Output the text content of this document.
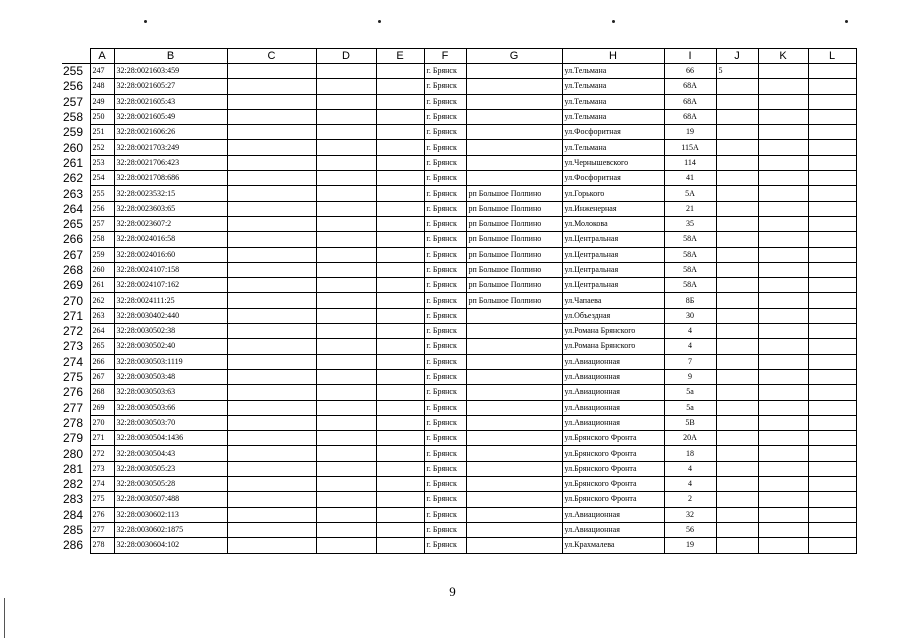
	A	B	C	D	E	F	G	H	I	J	K	L
255	247	32:28:0021603:459				г. Брянск		ул.Тельмана	66	5		
256	248	32:28:0021605:27				г. Брянск		ул.Тельмана	68А			
257	249	32:28:0021605:43				г. Брянск		ул.Тельмана	68А			
258	250	32:28:0021605:49				г. Брянск		ул.Тельмана	68А			
259	251	32:28:0021606:26				г. Брянск		ул.Фосфоритная	19			
260	252	32:28:0021703:249				г. Брянск		ул.Тельмана	115А			
261	253	32:28:0021706:423				г. Брянск		ул.Чернышевского	114			
262	254	32:28:0021708:686				г. Брянск		ул.Фосфоритная	41			
263	255	32:28:0023532:15				г. Брянск	рп Большое Полпино	ул.Горького	5А			
264	256	32:28:0023603:65				г. Брянск	рп Большое Полпино	ул.Инженерная	21			
265	257	32:28:0023607:2				г. Брянск	рп Большое Полпино	ул.Молокова	35			
266	258	32:28:0024016:58				г. Брянск	рп Большое Полпино	ул.Центральная	58А			
267	259	32:28:0024016:60				г. Брянск	рп Большое Полпино	ул.Центральная	58А			
268	260	32:28:0024107:158				г. Брянск	рп Большое Полпино	ул.Центральная	58А			
269	261	32:28:0024107:162				г. Брянск	рп Большое Полпино	ул.Центральная	58А			
270	262	32:28:0024111:25				г. Брянск	рп Большое Полпино	ул.Чапаева	8Б			
271	263	32:28:0030402:440				г. Брянск		ул.Объездная	30			
272	264	32:28:0030502:38				г. Брянск		ул.Романа Брянского	4			
273	265	32:28:0030502:40				г. Брянск		ул.Романа Брянского	4			
274	266	32:28:0030503:1119				г. Брянск		ул.Авиационная	7			
275	267	32:28:0030503:48				г. Брянск		ул.Авиационная	9			
276	268	32:28:0030503:63				г. Брянск		ул.Авиационная	5а			
277	269	32:28:0030503:66				г. Брянск		ул.Авиационная	5а			
278	270	32:28:0030503:70				г. Брянск		ул.Авиационная	5В			
279	271	32:28:0030504:1436				г. Брянск		ул.Брянского Фронта	20А			
280	272	32:28:0030504:43				г. Брянск		ул.Брянского Фронта	18			
281	273	32:28:0030505:23				г. Брянск		ул.Брянского Фронта	4			
282	274	32:28:0030505:28				г. Брянск		ул.Брянского Фронта	4			
283	275	32:28:0030507:488				г. Брянск		ул.Брянского Фронта	2			
284	276	32:28:0030602:113				г. Брянск		ул.Авиационная	32			
285	277	32:28:0030602:1875				г. Брянск		ул.Авиационная	56			
286	278	32:28:0030604:102				г. Брянск		ул.Крахмалева	19			
9
